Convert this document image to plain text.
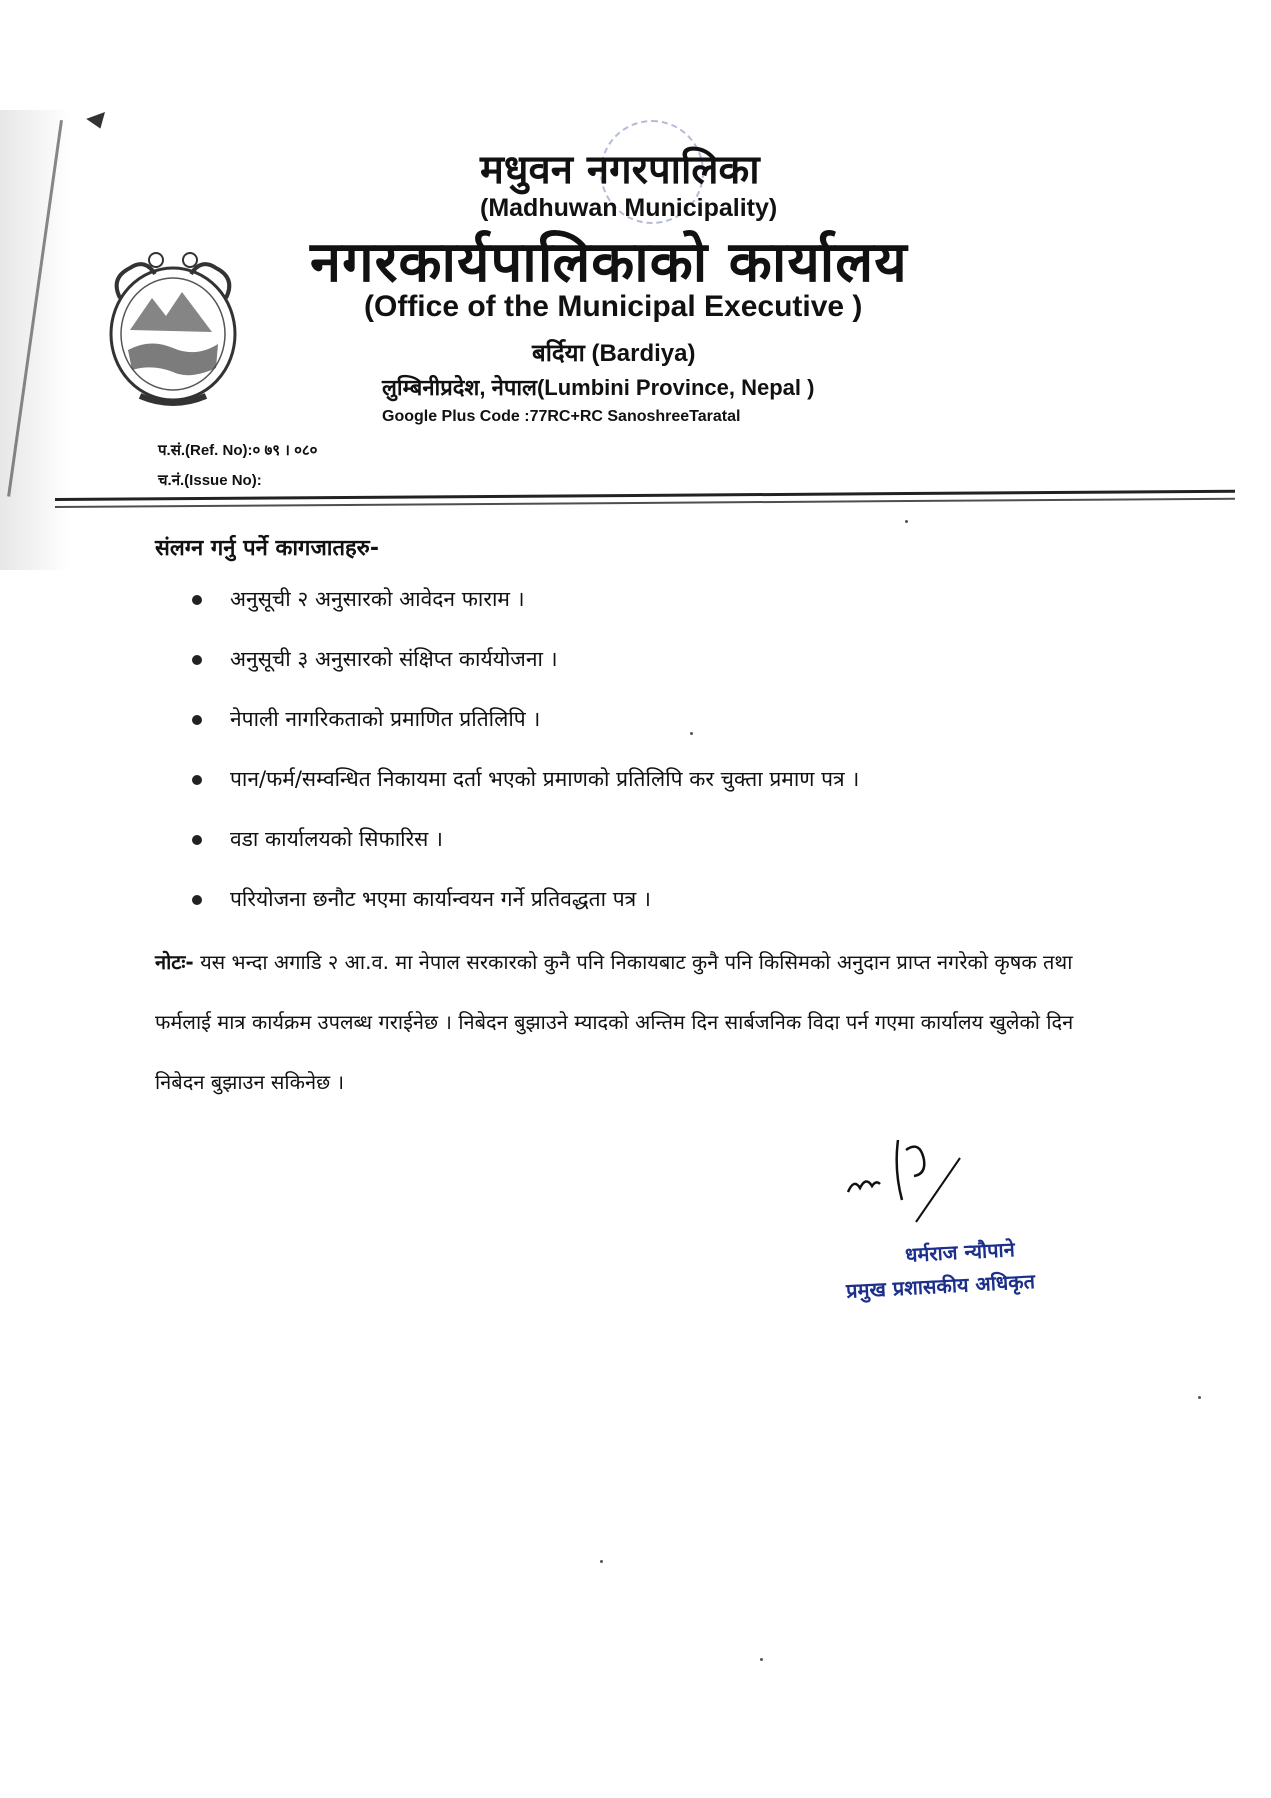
मधुवन नगरपालिका
(Madhuwan Municipality)
नगरकार्यपालिकाको कार्यालय
(Office of the Municipal Executive )
बर्दिया (Bardiya)
लुम्बिनीप्रदेश, नेपाल(Lumbini Province, Nepal )
Google Plus Code :77RC+RC SanoshreeTaratal
प.सं.(Ref. No):० ७९ । ०८०
च.नं.(Issue No):
संलग्न गर्नु पर्ने कागजातहरु-
अनुसूची २ अनुसारको आवेदन फाराम ।
अनुसूची ३ अनुसारको संक्षिप्त कार्ययोजना ।
नेपाली नागरिकताको प्रमाणित प्रतिलिपि ।
पान/फर्म/सम्वन्धित निकायमा दर्ता भएको प्रमाणको प्रतिलिपि कर चुक्ता प्रमाण पत्र ।
वडा कार्यालयको सिफारिस ।
परियोजना छनौट भएमा कार्यान्वयन गर्ने प्रतिवद्धता पत्र ।
नोटः- यस भन्दा अगाडि २ आ.व. मा नेपाल सरकारको कुनै पनि निकायबाट कुनै पनि किसिमको अनुदान प्राप्त नगरेको कृषक तथा फर्मलाई मात्र कार्यक्रम उपलब्ध गराईनेछ । निबेदन बुझाउने म्यादको अन्तिम दिन सार्बजनिक विदा पर्न गएमा कार्यालय खुलेको दिन निबेदन बुझाउन सकिनेछ ।
धर्मराज न्यौपाने
प्रमुख प्रशासकीय अधिकृत
